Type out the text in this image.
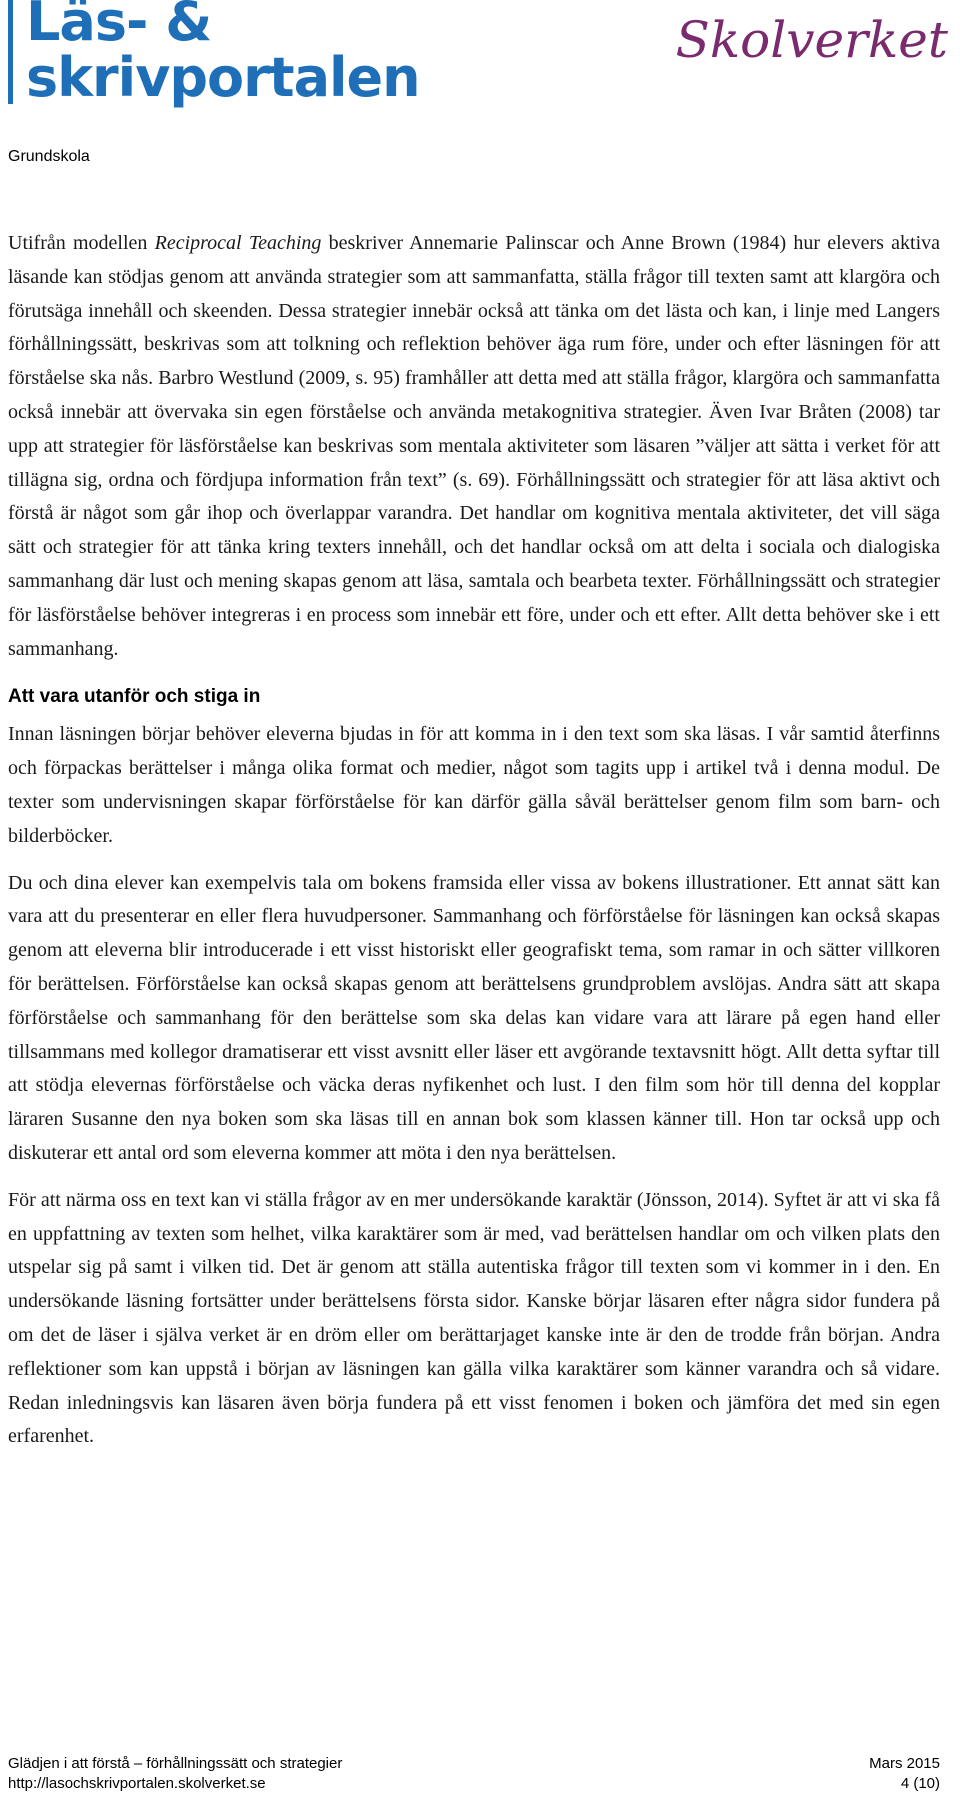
Läs- &
skrivportalen
Skolverket
Grundskola

Utifrån modellen Reciprocal Teaching beskriver Annemarie Palinscar och Anne Brown (1984) hur elevers aktiva läsande kan stödjas genom att använda strategier som att sammanfatta, ställa frågor till texten samt att klargöra och förutsäga innehåll och skeenden. Dessa strategier innebär också att tänka om det lästa och kan, i linje med Langers förhållningssätt, beskrivas som att tolkning och reflektion behöver äga rum före, under och efter läsningen för att förståelse ska nås. Barbro Westlund (2009, s. 95) framhåller att detta med att ställa frågor, klargöra och sammanfatta också innebär att övervaka sin egen förståelse och använda metakognitiva strategier. Även Ivar Bråten (2008) tar upp att strategier för läsförståelse kan beskrivas som mentala aktiviteter som läsaren ”väljer att sätta i verket för att tillägna sig, ordna och fördjupa information från text” (s. 69). Förhållningssätt och strategier för att läsa aktivt och förstå är något som går ihop och överlappar varandra. Det handlar om kognitiva mentala aktiviteter, det vill säga sätt och strategier för att tänka kring texters innehåll, och det handlar också om att delta i sociala och dialogiska sammanhang där lust och mening skapas genom att läsa, samtala och bearbeta texter. Förhållningssätt och strategier för läsförståelse behöver integreras i en process som innebär ett före, under och ett efter. Allt detta behöver ske i ett sammanhang.

Att vara utanför och stiga in

Innan läsningen börjar behöver eleverna bjudas in för att komma in i den text som ska läsas. I vår samtid återfinns och förpackas berättelser i många olika format och medier, något som tagits upp i artikel två i denna modul. De texter som undervisningen skapar förförståelse för kan därför gälla såväl berättelser genom film som barn- och bilderböcker.

Du och dina elever kan exempelvis tala om bokens framsida eller vissa av bokens illustrationer. Ett annat sätt kan vara att du presenterar en eller flera huvudpersoner. Sammanhang och förförståelse för läsningen kan också skapas genom att eleverna blir introducerade i ett visst historiskt eller geografiskt tema, som ramar in och sätter villkoren för berättelsen. Förförståelse kan också skapas genom att berättelsens grundproblem avslöjas. Andra sätt att skapa förförståelse och sammanhang för den berättelse som ska delas kan vidare vara att lärare på egen hand eller tillsammans med kollegor dramatiserar ett visst avsnitt eller läser ett avgörande textavsnitt högt. Allt detta syftar till att stödja elevernas förförståelse och väcka deras nyfikenhet och lust. I den film som hör till denna del kopplar läraren Susanne den nya boken som ska läsas till en annan bok som klassen känner till. Hon tar också upp och diskuterar ett antal ord som eleverna kommer att möta i den nya berättelsen.

För att närma oss en text kan vi ställa frågor av en mer undersökande karaktär (Jönsson, 2014). Syftet är att vi ska få en uppfattning av texten som helhet, vilka karaktärer som är med, vad berättelsen handlar om och vilken plats den utspelar sig på samt i vilken tid. Det är genom att ställa autentiska frågor till texten som vi kommer in i den. En undersökande läsning fortsätter under berättelsens första sidor. Kanske börjar läsaren efter några sidor fundera på om det de läser i själva verket är en dröm eller om berättarjaget kanske inte är den de trodde från början. Andra reflektioner som kan uppstå i början av läsningen kan gälla vilka karaktärer som känner varandra och så vidare. Redan inledningsvis kan läsaren även börja fundera på ett visst fenomen i boken och jämföra det med sin egen erfarenhet.

Glädjen i att förstå – förhållningssätt och strategier	Mars 2015
http://lasochskrivportalen.skolverket.se	4 (10)
